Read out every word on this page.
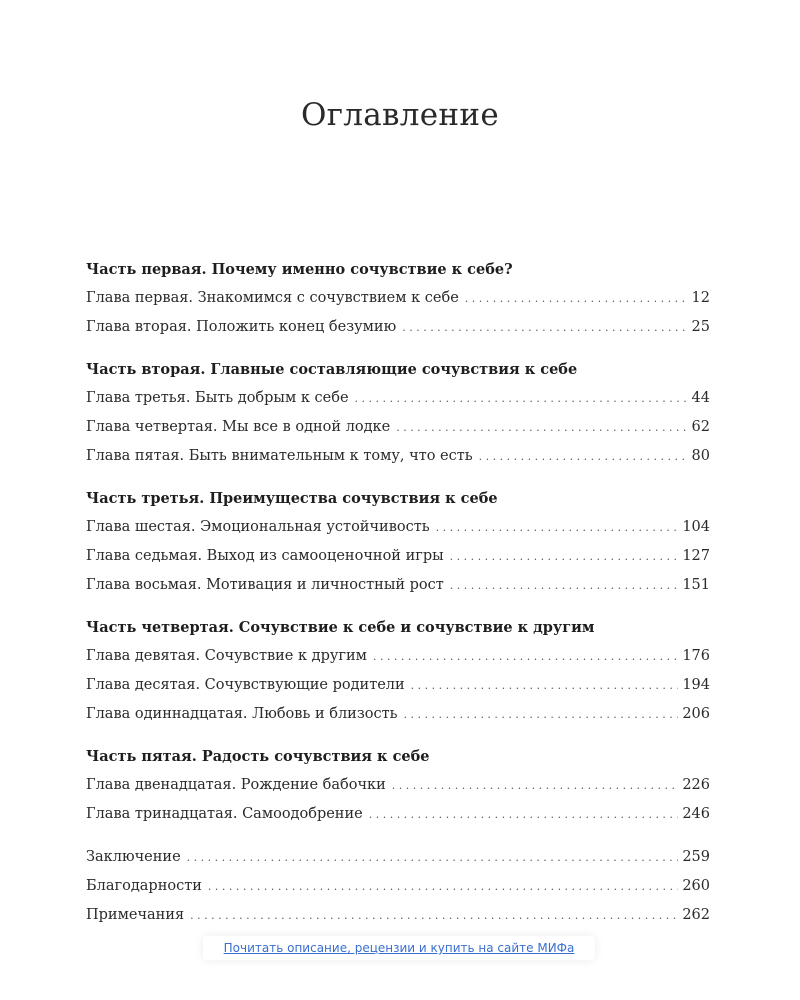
Оглавление
Часть первая. Почему именно сочувствие к себе?
Глава первая. Знакомимся с сочувствием к себе . . .	12
Глава вторая. Положить конец безумию . . .	25
Часть вторая. Главные составляющие сочувствия к себе
Глава третья. Быть добрым к себе . . .	44
Глава четвертая. Мы все в одной лодке . . .	62
Глава пятая. Быть внимательным к тому, что есть . . .	80
Часть третья. Преимущества сочувствия к себе
Глава шестая. Эмоциональная устойчивость . . .	104
Глава седьмая. Выход из самооценочной игры . . .	127
Глава восьмая. Мотивация и личностный рост . . .	151
Часть четвертая. Сочувствие к себе и сочувствие к другим
Глава девятая. Сочувствие к другим . . .	176
Глава десятая. Сочувствующие родители . . .	194
Глава одиннадцатая. Любовь и близость . . .	206
Часть пятая. Радость сочувствия к себе
Глава двенадцатая. Рождение бабочки . . .	226
Глава тринадцатая. Самоодобрение . . .	246
Заключение . . .	259
Благодарности . . .	260
Примечания . . .	262
Почитать описание, рецензии и купить на сайте МИФа
